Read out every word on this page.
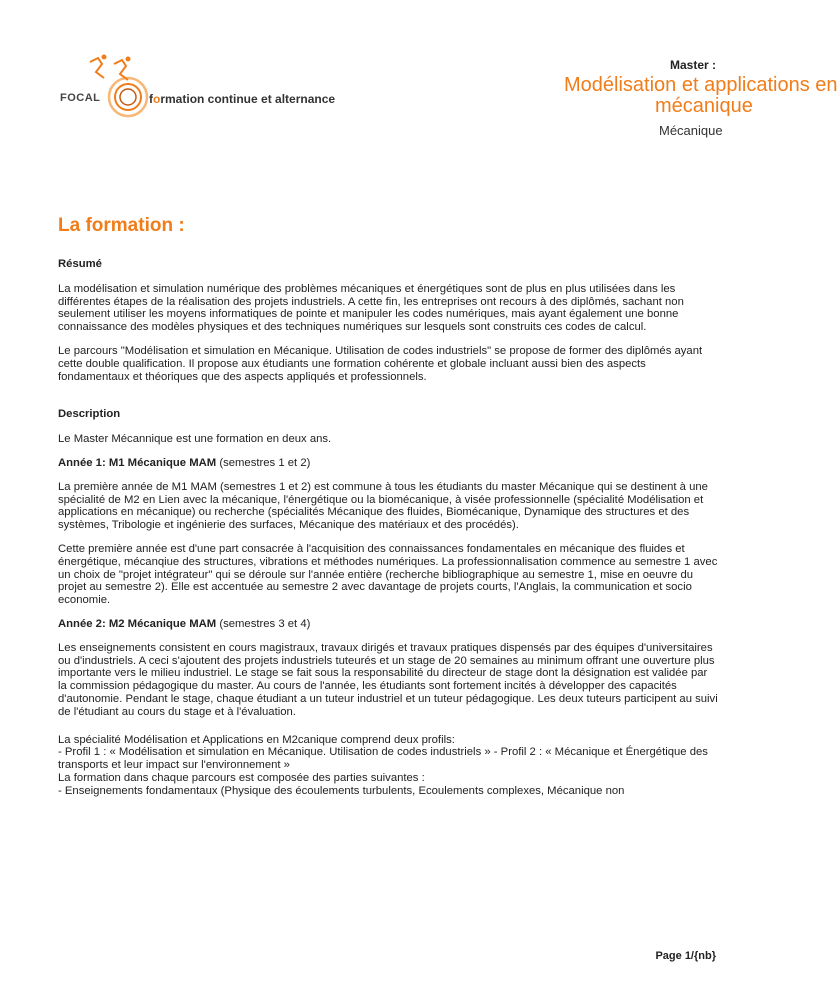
FOCAL	formation continue et alternance
Master :
Modélisation et applications en
mécanique
Mécanique
La formation :
Résumé

La modélisation et simulation numérique des problèmes mécaniques et énergétiques sont de plus en plus utilisées dans les différentes étapes de la réalisation des projets industriels. A cette fin, les entreprises ont recours à des diplômés, sachant non seulement utiliser les moyens informatiques de pointe et manipuler les codes numériques, mais ayant également une bonne connaissance des modèles physiques et des techniques numériques sur lesquels sont construits ces codes de calcul.

Le parcours "Modélisation et simulation en Mécanique. Utilisation de codes industriels" se propose de former des diplômés ayant cette double qualification. Il propose aux étudiants une formation cohérente et globale incluant aussi bien des aspects fondamentaux et théoriques que des aspects appliqués et professionnels.

Description

Le Master Mécannique est une formation en deux ans.

Année 1: M1 Mécanique MAM (semestres 1 et 2)

La première année de M1 MAM (semestres 1 et 2) est commune à tous les étudiants du master Mécanique qui se destinent à une spécialité de M2 en Lien avec la mécanique, l'énergétique ou la biomécanique, à visée professionnelle (spécialité Modélisation et applications en mécanique) ou recherche (spécialités Mécanique des fluides, Biomécanique, Dynamique des structures et des systèmes, Tribologie et ingénierie des surfaces, Mécanique des matériaux et des procédés).

Cette première année est d'une part consacrée à l'acquisition des connaissances fondamentales en mécanique des fluides et énergétique, mécanqiue des structures, vibrations et méthodes numériques. La professionnalisation commence au semestre 1 avec un choix de "projet intégrateur" qui se déroule sur l'année entière (recherche bibliographique au semestre 1, mise en oeuvre du projet au semestre 2). Elle est accentuée au semestre 2 avec davantage de projets courts, l'Anglais, la communication et socio economie.

Année 2: M2 Mécanique MAM (semestres 3 et 4)

Les enseignements consistent en cours magistraux, travaux dirigés et travaux pratiques dispensés par des équipes d'universitaires ou d'industriels. A ceci s'ajoutent des projets industriels tuteurés et un stage de 20 semaines au minimum offrant une ouverture plus importante vers le milieu industriel. Le stage se fait sous la responsabilité du directeur de stage dont la désignation est validée par la commission pédagogique du master. Au cours de l'année, les étudiants sont fortement incités à développer des capacités d'autonomie. Pendant le stage, chaque étudiant a un tuteur industriel et un tuteur pédagogique. Les deux tuteurs participent au suivi de l'étudiant au cours du stage et à l'évaluation.

La spécialité Modélisation et Applications en M2canique comprend deux profils:
- Profil 1 : « Modélisation et simulation en Mécanique. Utilisation de codes industriels » - Profil 2 : « Mécanique et Énergétique des transports et leur impact sur l'environnement »
La formation dans chaque parcours est composée des parties suivantes :
- Enseignements fondamentaux (Physique des écoulements turbulents, Ecoulements complexes, Mécanique non
Page 1/{nb}
